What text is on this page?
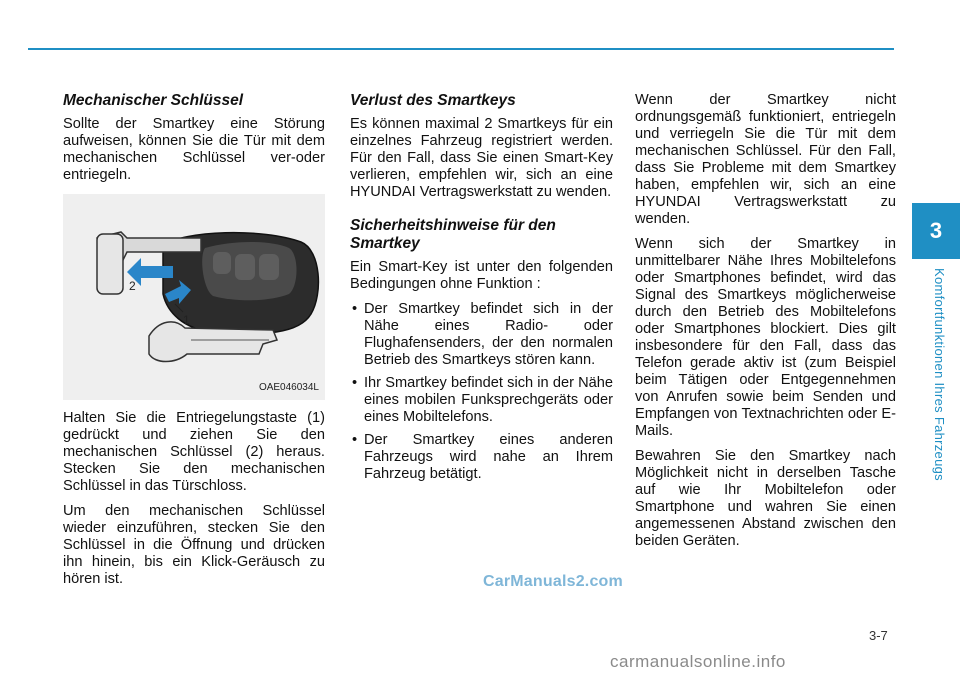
3
Komfortfunktionen Ihres Fahrzeugs
Mechanischer Schlüssel

Sollte der Smartkey eine Störung aufweisen, können Sie die Tür mit dem mechanischen Schlüssel ver-oder entriegeln.

2
1
OAE046034L

Halten Sie die Entriegelungstaste (1) gedrückt und ziehen Sie den mechanischen Schlüssel (2) heraus. Stecken Sie den mechanischen Schlüssel in das Türschloss.

Um den mechanischen Schlüssel wieder einzuführen, stecken Sie den Schlüssel in die Öffnung und drücken ihn hinein, bis ein Klick-Geräusch zu hören ist.

Verlust des Smartkeys

Es können maximal 2 Smartkeys für ein einzelnes Fahrzeug registriert werden. Für den Fall, dass Sie einen Smart-Key verlieren, empfehlen wir, sich an eine HYUNDAI Vertragswerkstatt zu wenden.

Sicherheitshinweise für den Smartkey

Ein Smart-Key ist unter den folgenden Bedingungen ohne Funktion :

• Der Smartkey befindet sich in der Nähe eines Radio- oder Flughafensenders, der den normalen Betrieb des Smartkeys stören kann.
• Ihr Smartkey befindet sich in der Nähe eines mobilen Funksprechgeräts oder eines Mobiltelefons.
• Der Smartkey eines anderen Fahrzeugs wird nahe an Ihrem Fahrzeug betätigt.

Wenn der Smartkey nicht ordnungsgemäß funktioniert, entriegeln und verriegeln Sie die Tür mit dem mechanischen Schlüssel. Für den Fall, dass Sie Probleme mit dem Smartkey haben, empfehlen wir, sich an eine HYUNDAI Vertragswerkstatt zu wenden.

Wenn sich der Smartkey in unmittelbarer Nähe Ihres Mobiltelefons oder Smartphones befindet, wird das Signal des Smartkeys möglicherweise durch den Betrieb des Mobiltelefons oder Smartphones blockiert. Dies gilt insbesondere für den Fall, dass das Telefon gerade aktiv ist (zum Beispiel beim Tätigen oder Entgegennehmen von Anrufen sowie beim Senden und Empfangen von Textnachrichten oder E-Mails.

Bewahren Sie den Smartkey nach Möglichkeit nicht in derselben Tasche auf wie Ihr Mobiltelefon oder Smartphone und wahren Sie einen angemessenen Abstand zwischen den beiden Geräten.

CarManuals2.com
3-7
carmanualsonline.info
